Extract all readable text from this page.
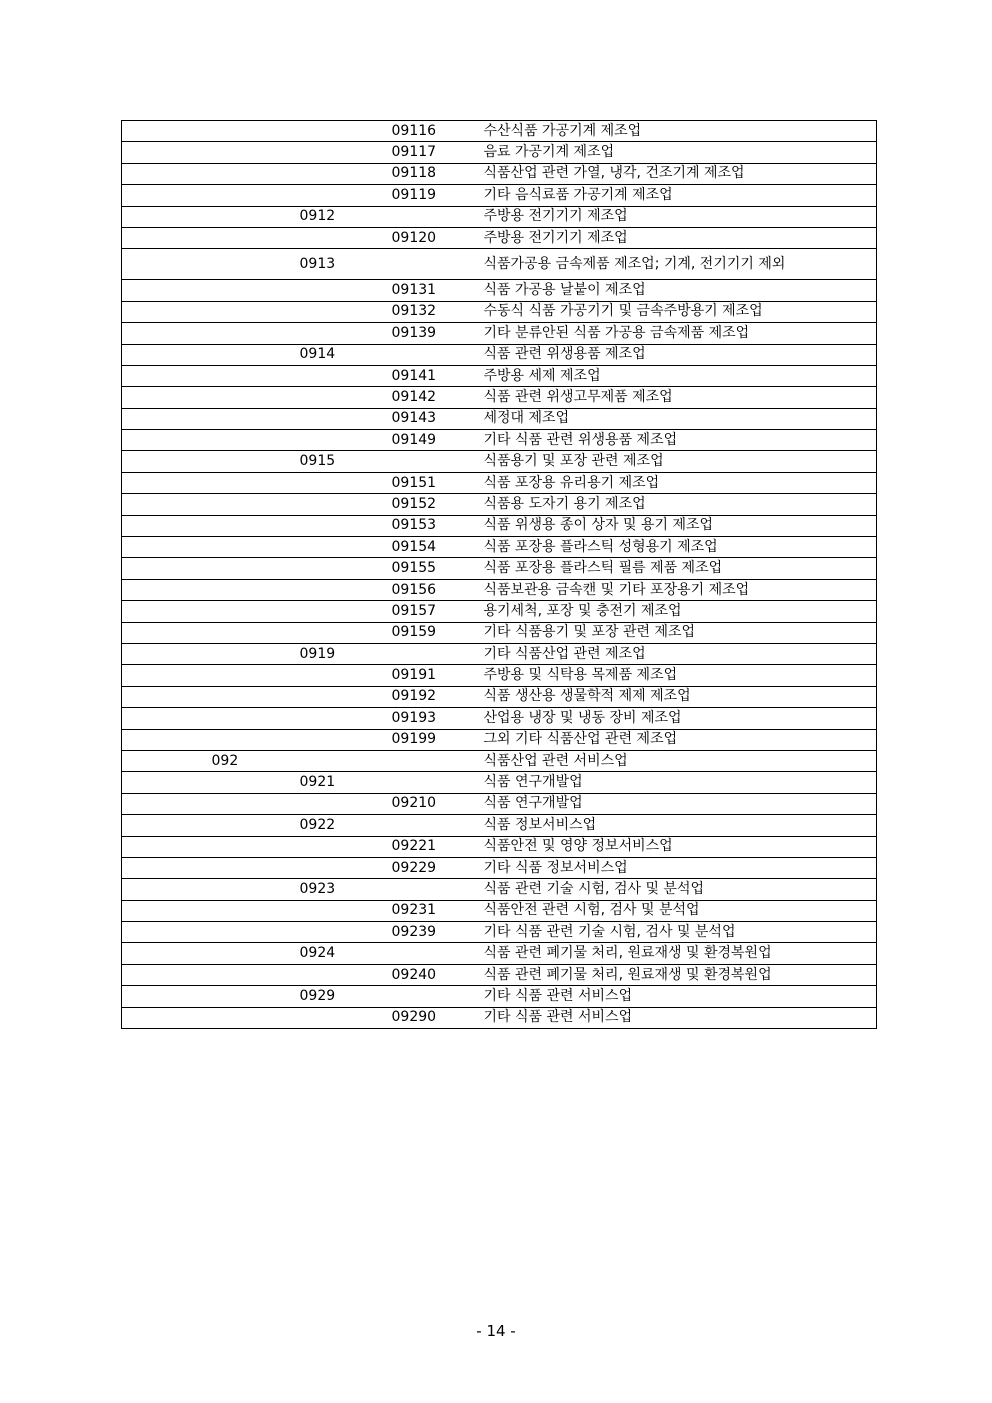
			09116	수산식품 가공기계 제조업
			09117	음료 가공기계 제조업
			09118	식품산업 관련 가열, 냉각, 건조기계 제조업
			09119	기타 음식료품 가공기계 제조업
		0912		주방용 전기기기 제조업
			09120	주방용 전기기기 제조업
		0913		식품가공용 금속제품 제조업; 기계, 전기기기 제외
			09131	식품 가공용 날붙이 제조업
			09132	수동식 식품 가공기기 및 금속주방용기 제조업
			09139	기타 분류안된 식품 가공용 금속제품 제조업
		0914		식품 관련 위생용품 제조업
			09141	주방용 세제 제조업
			09142	식품 관련 위생고무제품 제조업
			09143	세정대 제조업
			09149	기타 식품 관련 위생용품 제조업
		0915		식품용기 및 포장 관련 제조업
			09151	식품 포장용 유리용기 제조업
			09152	식품용 도자기 용기 제조업
			09153	식품 위생용 종이 상자 및 용기 제조업
			09154	식품 포장용 플라스틱 성형용기 제조업
			09155	식품 포장용 플라스틱 필름 제품 제조업
			09156	식품보관용 금속캔 및 기타 포장용기 제조업
			09157	용기세척, 포장 및 충전기 제조업
			09159	기타 식품용기 및 포장 관련 제조업
		0919		기타 식품산업 관련 제조업
			09191	주방용 및 식탁용 목제품 제조업
			09192	식품 생산용 생물학적 제제 제조업
			09193	산업용 냉장 및 냉동 장비 제조업
			09199	그외 기타 식품산업 관련 제조업
	092			식품산업 관련 서비스업
		0921		식품 연구개발업
			09210	식품 연구개발업
		0922		식품 정보서비스업
			09221	식품안전 및 영양 정보서비스업
			09229	기타 식품 정보서비스업
		0923		식품 관련 기술 시험, 검사 및 분석업
			09231	식품안전 관련 시험, 검사 및 분석업
			09239	기타 식품 관련 기술 시험, 검사 및 분석업
		0924		식품 관련 폐기물 처리, 원료재생 및 환경복원업
			09240	식품 관련 폐기물 처리, 원료재생 및 환경복원업
		0929		기타 식품 관련 서비스업
			09290	기타 식품 관련 서비스업
- 14 -
